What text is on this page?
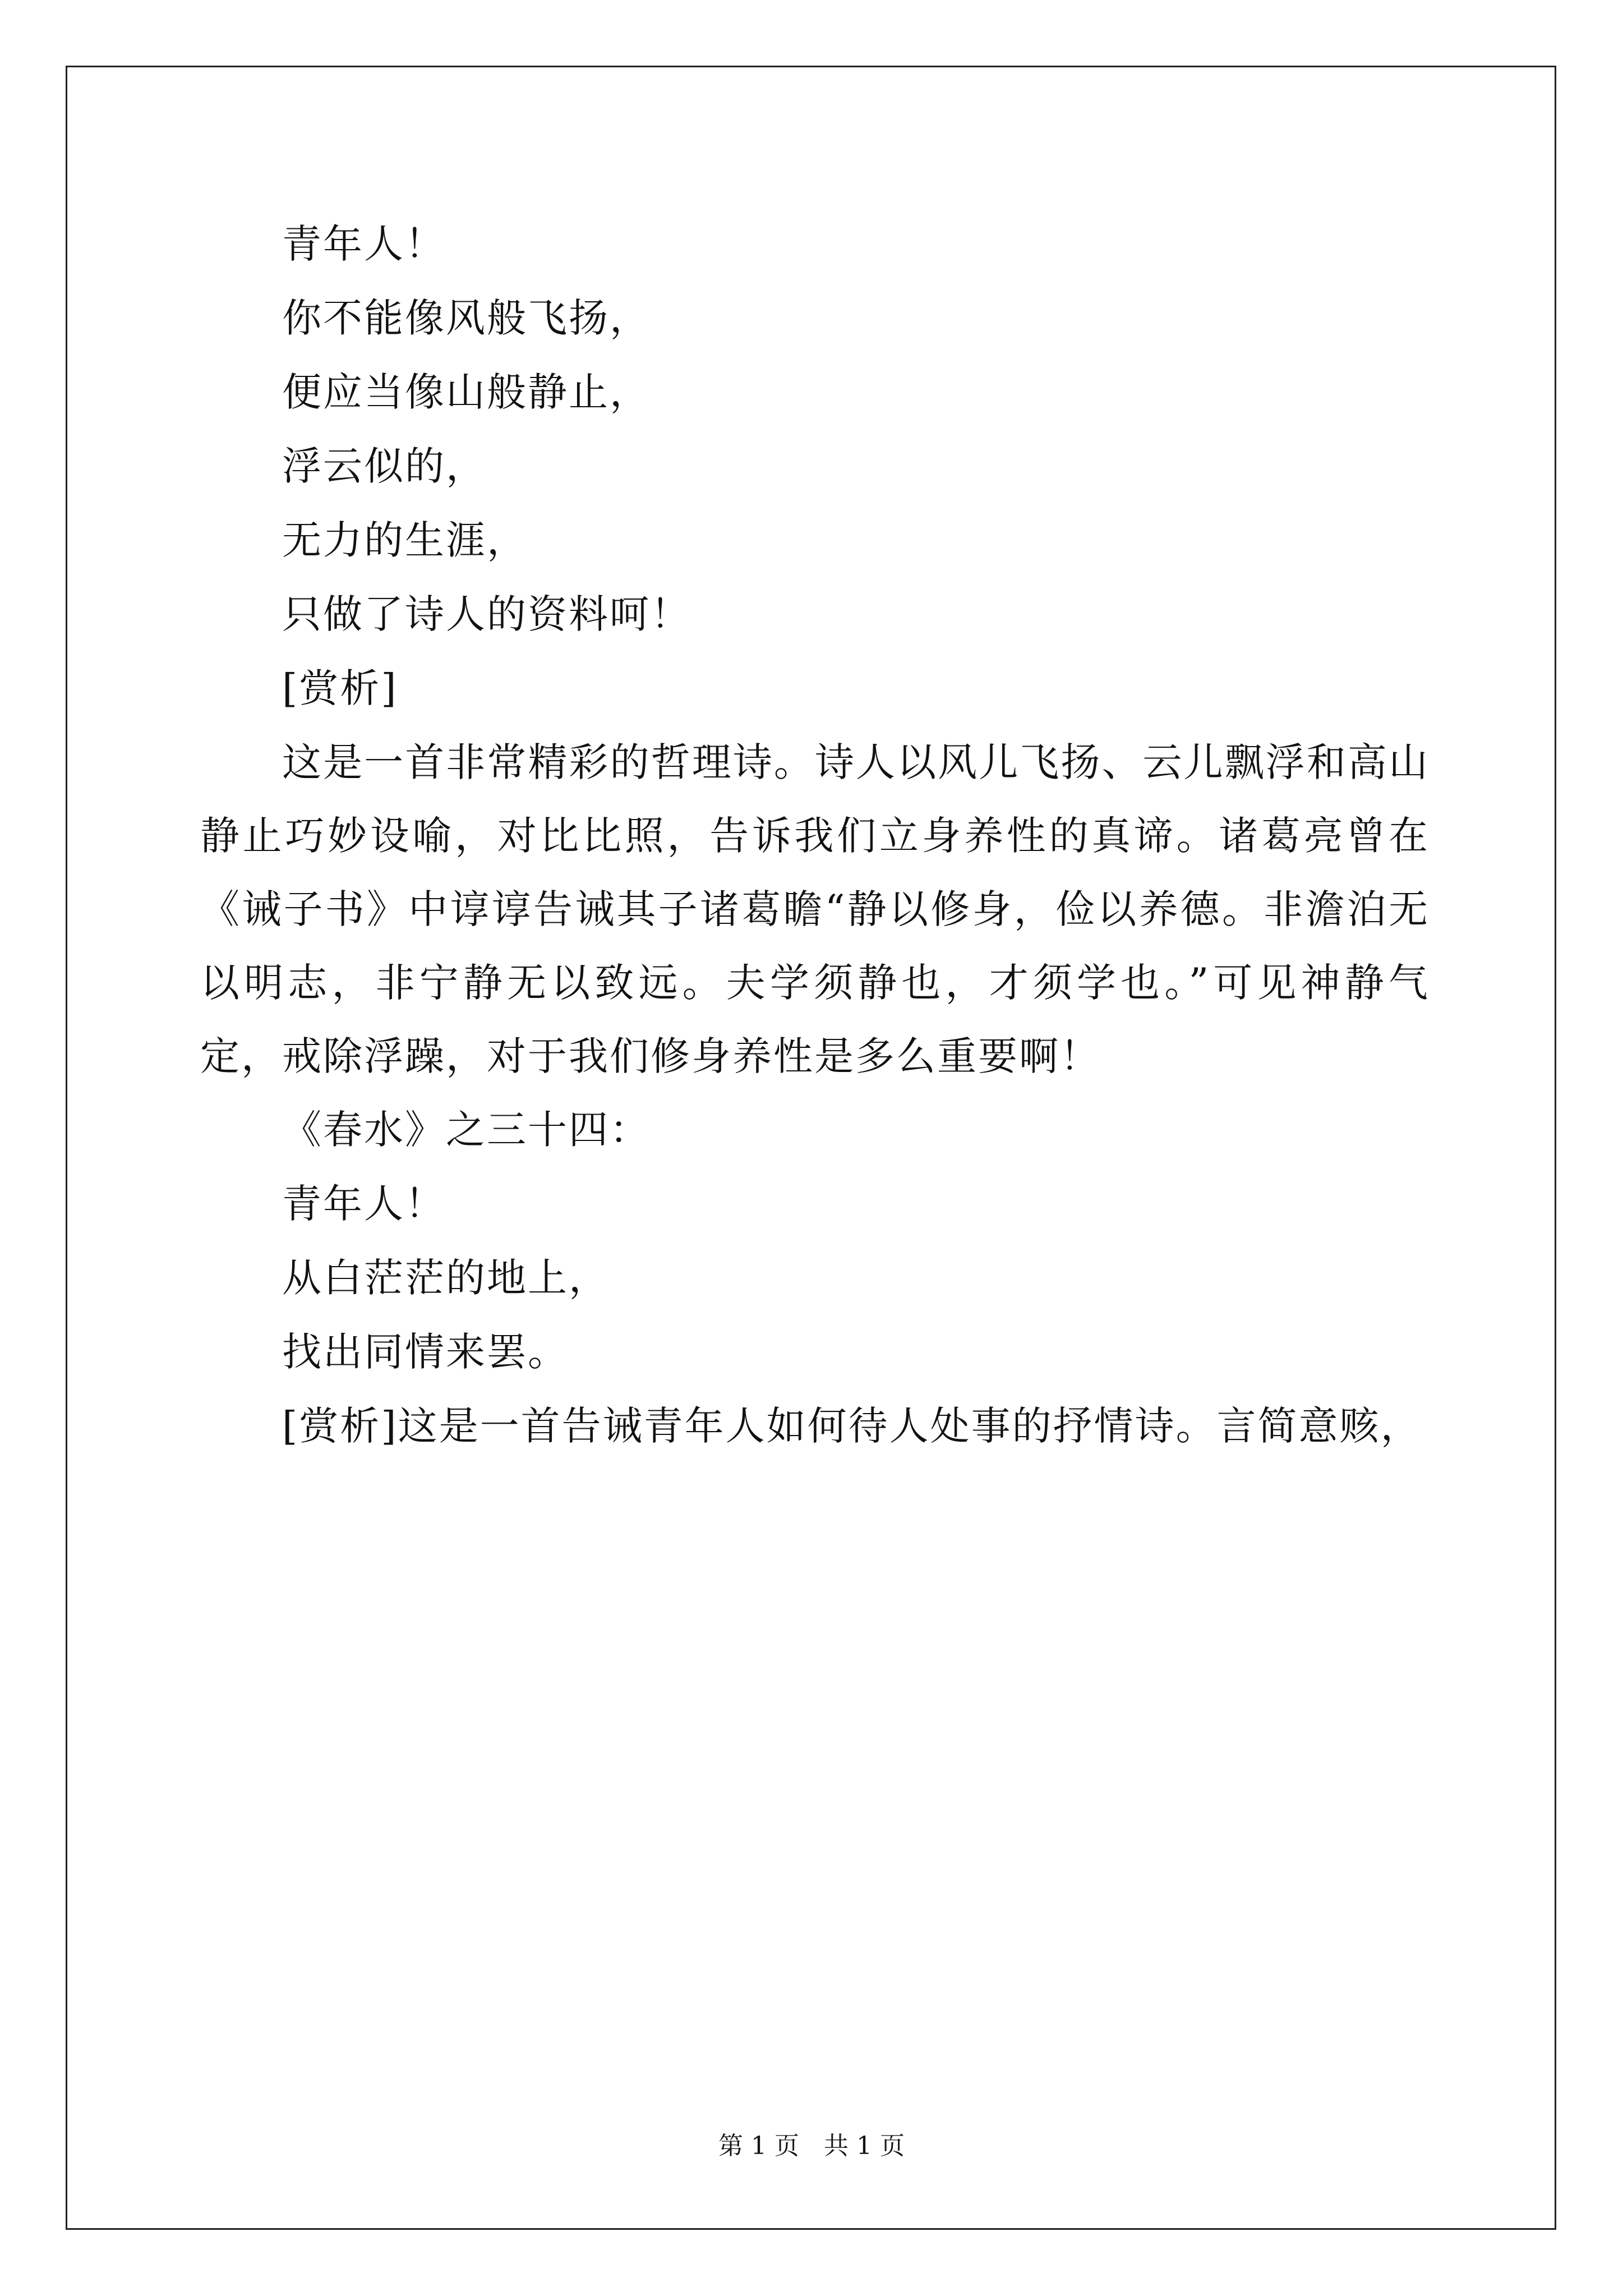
青年人！

你不能像风般飞扬，

便应当像山般静止，

浮云似的，

无力的生涯，

只做了诗人的资料呵！

[赏析]

这是一首非常精彩的哲理诗。诗人以风儿飞扬、云儿飘浮和高山静止巧妙设喻，对比比照，告诉我们立身养性的真谛。诸葛亮曾在《诫子书》中谆谆告诫其子诸葛瞻“静以修身，俭以养德。非澹泊无以明志，非宁静无以致远。夫学须静也，才须学也。”可见神静气定，戒除浮躁，对于我们修身养性是多么重要啊！

《春水》之三十四：

青年人！

从白茫茫的地上，

找出同情来罢。

[赏析]这是一首告诫青年人如何待人处事的抒情诗。言简意赅，

第 1 页　共 1 页
